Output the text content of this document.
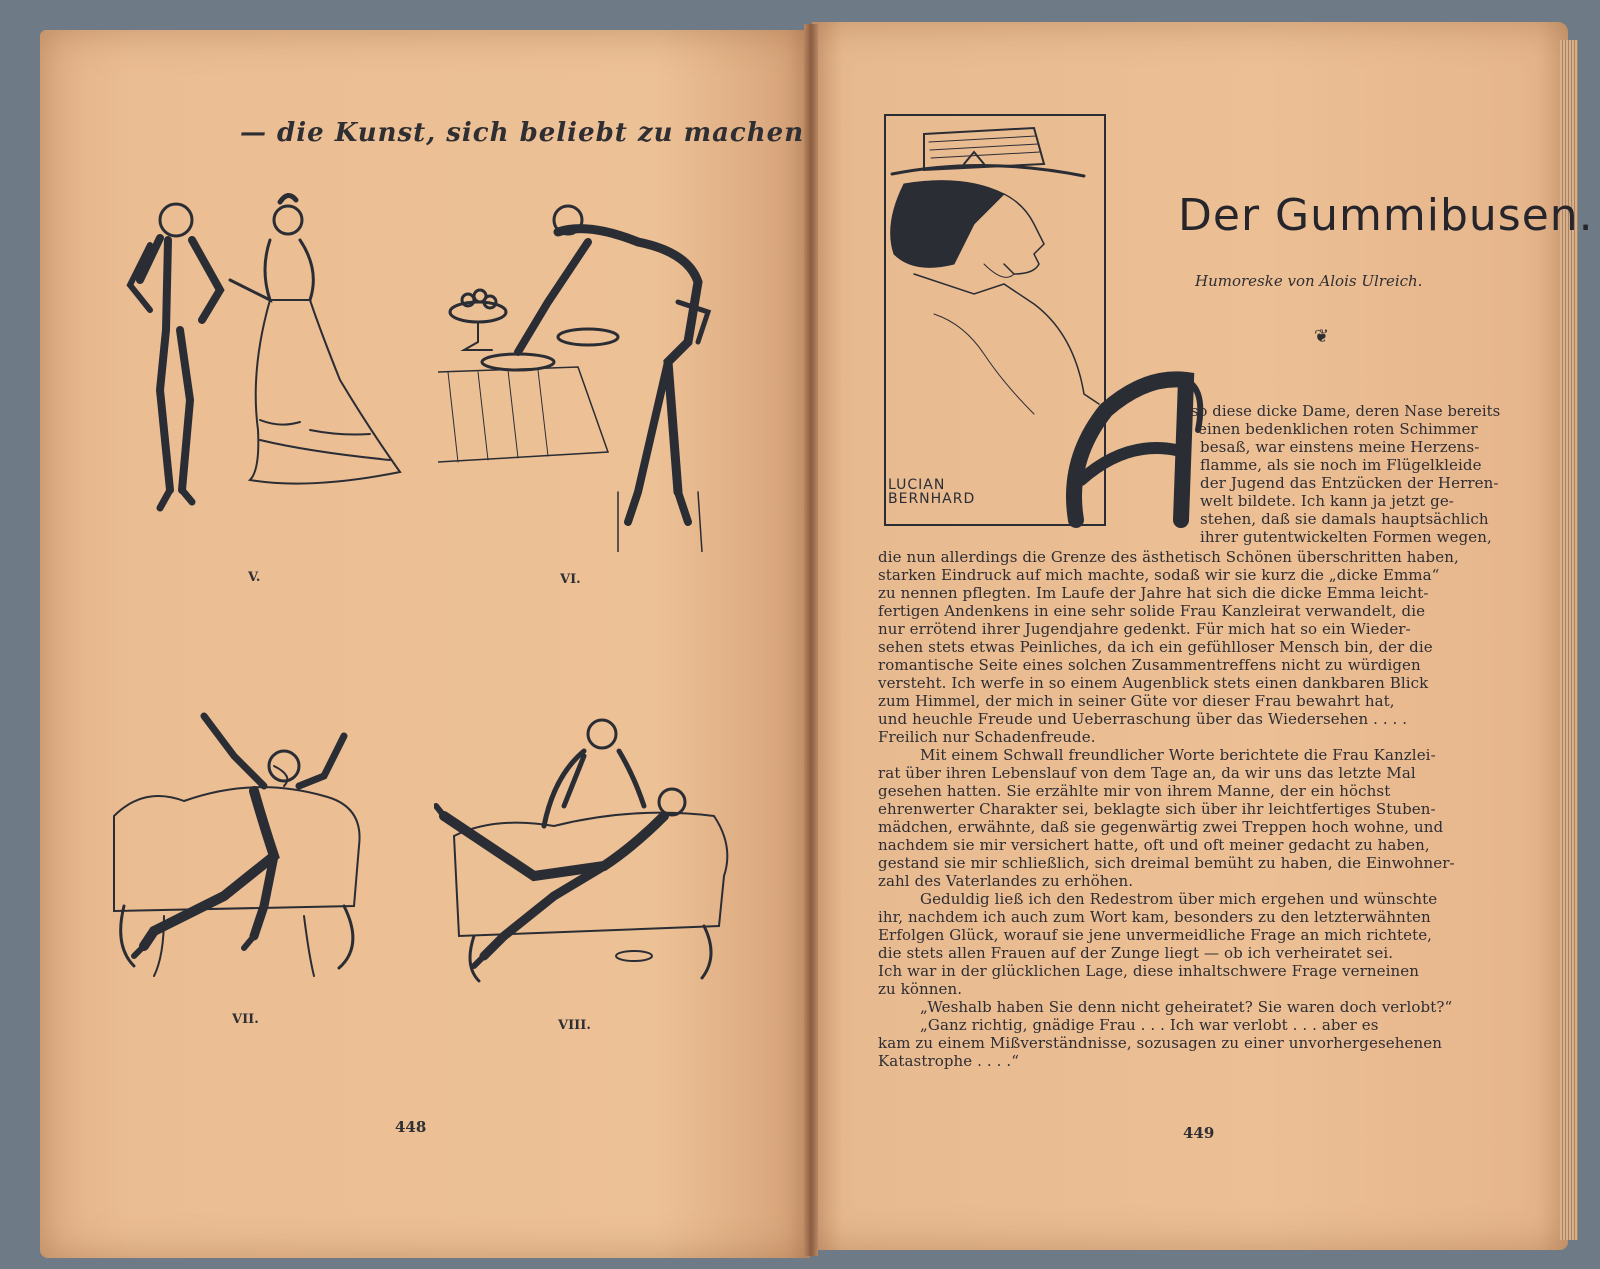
— die Kunst, sich beliebt zu machen
V.	VI.
VII.	VIII.
448
LUCIAN BERNHARD
Der Gummibusen.
Humoreske von Alois Ulreich.
❦
lso diese dicke Dame, deren Nase bereits
einen bedenklichen roten Schimmer
besaß, war einstens meine Herzens-
flamme, als sie noch im Flügelkleide
der Jugend das Entzücken der Herren-
welt bildete. Ich kann ja jetzt ge-
stehen, daß sie damals hauptsächlich
ihrer gutentwickelten Formen wegen,
die nun allerdings die Grenze des ästhetisch Schönen überschritten haben,
starken Eindruck auf mich machte, sodaß wir sie kurz die „dicke Emma“
zu nennen pflegten. Im Laufe der Jahre hat sich die dicke Emma leicht-
fertigen Andenkens in eine sehr solide Frau Kanzleirat verwandelt, die
nur errötend ihrer Jugendjahre gedenkt. Für mich hat so ein Wieder-
sehen stets etwas Peinliches, da ich ein gefühlloser Mensch bin, der die
romantische Seite eines solchen Zusammentreffens nicht zu würdigen
versteht. Ich werfe in so einem Augenblick stets einen dankbaren Blick
zum Himmel, der mich in seiner Güte vor dieser Frau bewahrt hat,
und heuchle Freude und Ueberraschung über das Wiedersehen . . . .
Freilich nur Schadenfreude.
Mit einem Schwall freundlicher Worte berichtete die Frau Kanzlei-
rat über ihren Lebenslauf von dem Tage an, da wir uns das letzte Mal
gesehen hatten. Sie erzählte mir von ihrem Manne, der ein höchst
ehrenwerter Charakter sei, beklagte sich über ihr leichtfertiges Stuben-
mädchen, erwähnte, daß sie gegenwärtig zwei Treppen hoch wohne, und
nachdem sie mir versichert hatte, oft und oft meiner gedacht zu haben,
gestand sie mir schließlich, sich dreimal bemüht zu haben, die Einwohner-
zahl des Vaterlandes zu erhöhen.
Geduldig ließ ich den Redestrom über mich ergehen und wünschte
ihr, nachdem ich auch zum Wort kam, besonders zu den letzterwähnten
Erfolgen Glück, worauf sie jene unvermeidliche Frage an mich richtete,
die stets allen Frauen auf der Zunge liegt — ob ich verheiratet sei.
Ich war in der glücklichen Lage, diese inhaltschwere Frage verneinen
zu können.
„Weshalb haben Sie denn nicht geheiratet? Sie waren doch verlobt?“
„Ganz richtig, gnädige Frau . . . Ich war verlobt . . . aber es
kam zu einem Mißverständnisse, sozusagen zu einer unvorhergesehenen
Katastrophe . . . .“
449
